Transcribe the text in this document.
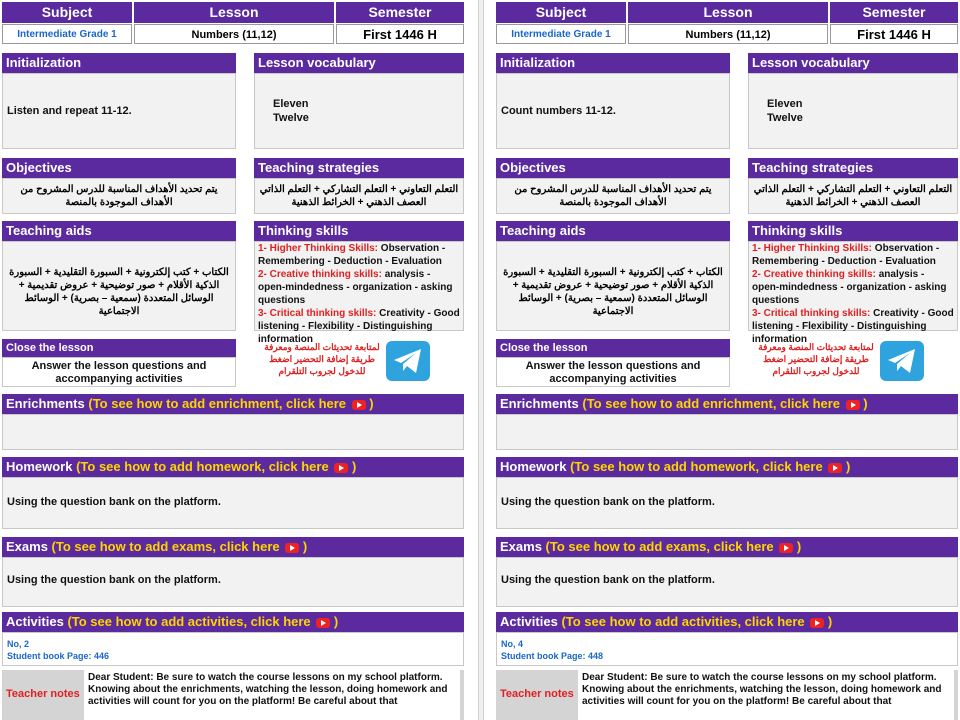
Subject	Lesson	Semester
Intermediate Grade 1	Numbers (11,12)	First 1446 H
Initialization
Listen and repeat 11-12.
Lesson vocabulary
Eleven
Twelve
Objectives
يتم تحديد الأهداف المناسبة للدرس المشروح من الأهداف الموجودة بالمنصة
Teaching strategies
التعلم التعاوني + التعلم التشاركي + التعلم الذاتي العصف الذهني + الخرائط الذهنية
Teaching aids
الكتاب + كتب إلكترونية + السبورة التقليدية + السبورة الذكية الأقلام + صور توضيحية + عروض تقديمية + الوسائل المتعددة (سمعية – بصرية) + الوسائط الاجتماعية
Thinking skills
1- Higher Thinking Skills: Observation - Remembering - Deduction - Evaluation
2- Creative thinking skills: analysis - open-mindedness - organization - asking questions
3- Critical thinking skills: Creativity - Good listening - Flexibility - Distinguishing information
Close the lesson
Answer the lesson questions and accompanying activities
لمتابعة تحديثات المنصة ومعرفة طريقة إضافة التحضير اضغط للدخول لجروب التلقرام
Enrichments (To see how to add enrichment, click here )
Homework (To see how to add homework, click here )
Using the question bank on the platform.
Exams (To see how to add exams, click here )
Using the question bank on the platform.
Activities (To see how to add activities, click here )
No, 2
Student book Page: 446
Teacher notes
Dear Student: Be sure to watch the course lessons on my school platform. Knowing about the enrichments, watching the lesson, doing homework and activities will count for you on the platform! Be careful about that
Subject	Lesson	Semester
Intermediate Grade 1	Numbers (11,12)	First 1446 H
Initialization
Count numbers 11-12.
Lesson vocabulary
Eleven
Twelve
Objectives
يتم تحديد الأهداف المناسبة للدرس المشروح من الأهداف الموجودة بالمنصة
Teaching strategies
التعلم التعاوني + التعلم التشاركي + التعلم الذاتي العصف الذهني + الخرائط الذهنية
Teaching aids
الكتاب + كتب إلكترونية + السبورة التقليدية + السبورة الذكية الأقلام + صور توضيحية + عروض تقديمية + الوسائل المتعددة (سمعية – بصرية) + الوسائط الاجتماعية
Thinking skills
1- Higher Thinking Skills: Observation - Remembering - Deduction - Evaluation
2- Creative thinking skills: analysis - open-mindedness - organization - asking questions
3- Critical thinking skills: Creativity - Good listening - Flexibility - Distinguishing information
Close the lesson
Answer the lesson questions and accompanying activities
لمتابعة تحديثات المنصة ومعرفة طريقة إضافة التحضير اضغط للدخول لجروب التلقرام
Enrichments (To see how to add enrichment, click here )
Homework (To see how to add homework, click here )
Using the question bank on the platform.
Exams (To see how to add exams, click here )
Using the question bank on the platform.
Activities (To see how to add activities, click here )
No, 4
Student book Page: 448
Teacher notes
Dear Student: Be sure to watch the course lessons on my school platform. Knowing about the enrichments, watching the lesson, doing homework and activities will count for you on the platform! Be careful about that
